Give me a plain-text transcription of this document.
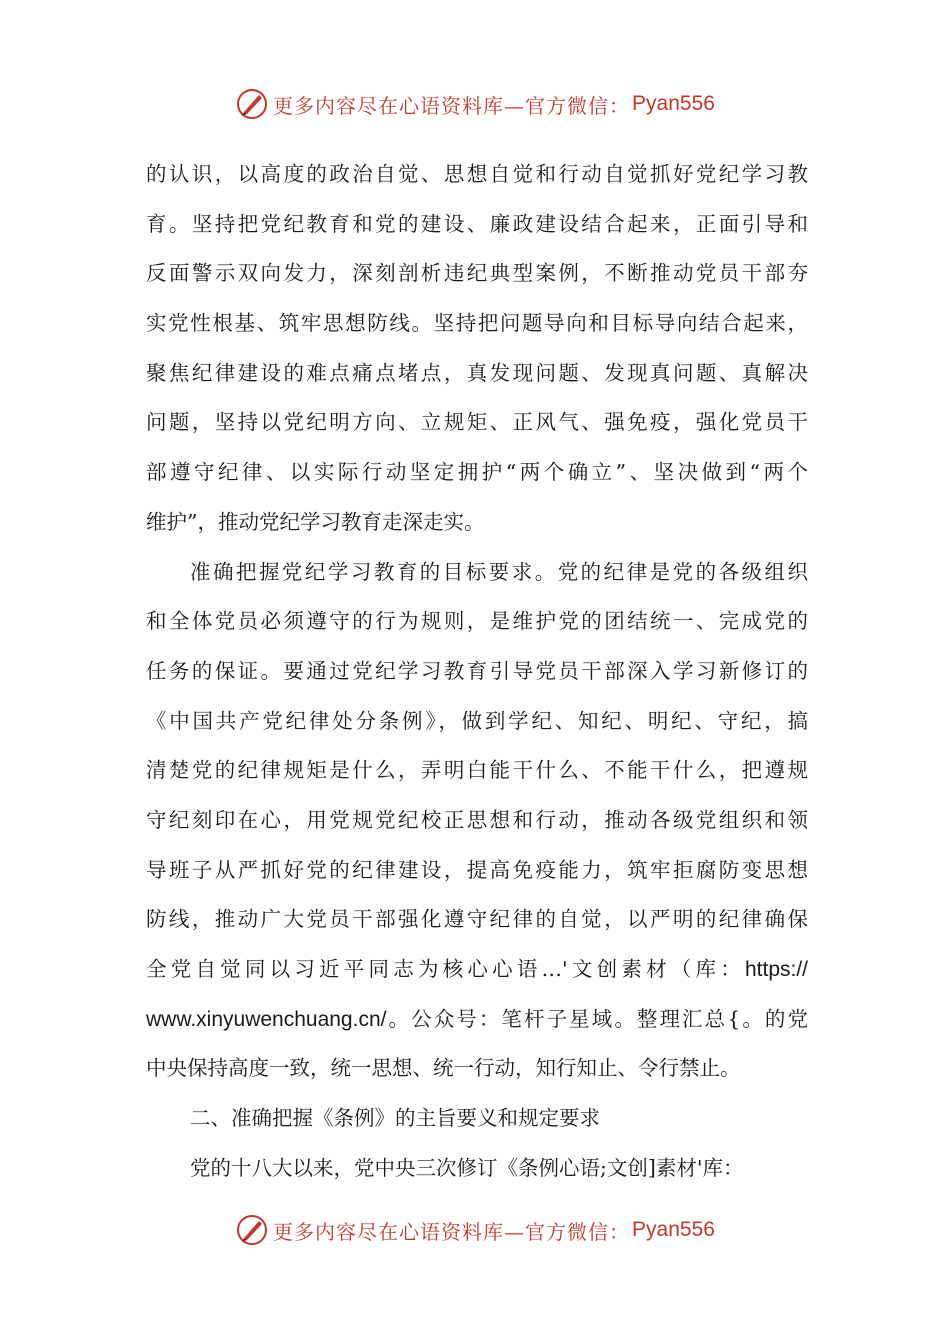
更多内容尽在心语资料库—官方微信： Pyan556
的认识，以高度的政治自觉、思想自觉和行动自觉抓好党纪学习教
育。坚持把党纪教育和党的建设、廉政建设结合起来，正面引导和
反面警示双向发力，深刻剖析违纪典型案例，不断推动党员干部夯
实党性根基、筑牢思想防线。坚持把问题导向和目标导向结合起来，
聚焦纪律建设的难点痛点堵点，真发现问题、发现真问题、真解决
问题，坚持以党纪明方向、立规矩、正风气、强免疫，强化党员干
部遵守纪律、以实际行动坚定拥护“两个确立”、坚决做到“两个
维护”，推动党纪学习教育走深走实。
准确把握党纪学习教育的目标要求。党的纪律是党的各级组织
和全体党员必须遵守的行为规则，是维护党的团结统一、完成党的
任务的保证。要通过党纪学习教育引导党员干部深入学习新修订的
《中国共产党纪律处分条例》，做到学纪、知纪、明纪、守纪，搞
清楚党的纪律规矩是什么，弄明白能干什么、不能干什么，把遵规
守纪刻印在心，用党规党纪校正思想和行动，推动各级党组织和领
导班子从严抓好党的纪律建设，提高免疫能力，筑牢拒腐防变思想
防线，推动广大党员干部强化遵守纪律的自觉，以严明的纪律确保
全党自觉同以习近平同志为核心心语…'文创素材（库：https://
www.xinyuwenchuang.cn/。公众号：笔杆子星域。整理汇总{。的党
中央保持高度一致，统一思想、统一行动，知行知止、令行禁止。
二、准确把握《条例》的主旨要义和规定要求
党的十八大以来，党中央三次修订《条例心语;文创]素材'库：
更多内容尽在心语资料库—官方微信： Pyan556
